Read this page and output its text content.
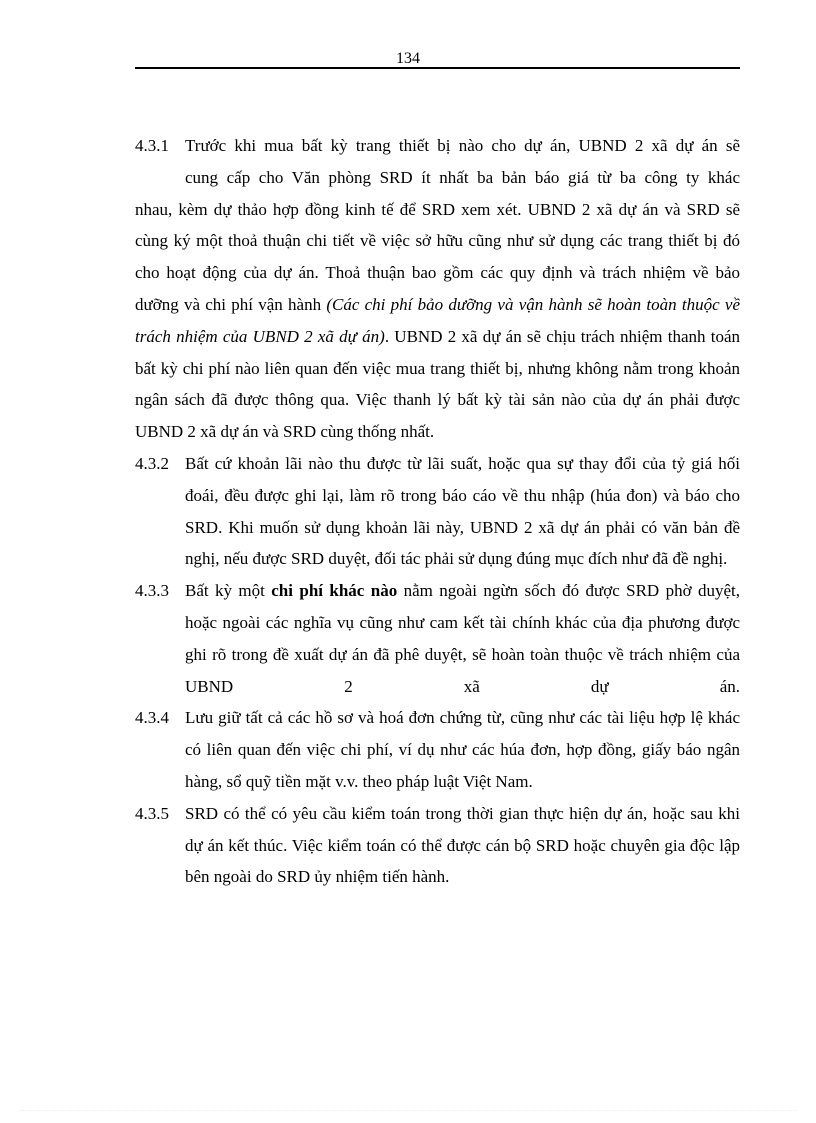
134
4.3.1 Trước khi mua bất kỳ trang thiết bị nào cho dự án, UBND 2 xã dự án sẽ
cung cấp cho Văn phòng SRD ít nhất ba bản báo giá từ ba công ty khác

nhau, kèm dự thảo hợp đồng kinh tế để SRD xem xét. UBND 2 xã dự án và SRD sẽ cùng ký một thoả thuận chi tiết về việc sở hữu cũng như sử dụng các trang thiết bị đó cho hoạt động của dự án. Thoả thuận bao gồm các quy định và trách nhiệm về bảo dưỡng và chi phí vận hành (Các chi phí bảo dưỡng và vận hành sẽ hoàn toàn thuộc về trách nhiệm của UBND 2 xã dự án). UBND 2 xã dự án sẽ chịu trách nhiệm thanh toán bất kỳ chi phí nào liên quan đến việc mua trang thiết bị, nhưng không nằm trong khoản ngân sách đã được thông qua. Việc thanh lý bất kỳ tài sản nào của dự án phải được UBND 2 xã dự án và SRD cùng thống nhất.

4.3.2 Bất cứ khoản lãi nào thu được từ lãi suất, hoặc qua sự thay đổi của tỷ giá hối đoái, đều được ghi lại, làm rõ trong báo cáo về thu nhập (húa đon) và báo cho SRD. Khi muốn sử dụng khoản lãi này, UBND 2 xã dự án phải có văn bản đề nghị, nếu được SRD duyệt, đối tác phải sử dụng đúng mục đích như đã đề nghị.

4.3.3 Bất kỳ một chi phí khác nào nằm ngoài ngừn sốch đó được SRD phờ duyệt, hoặc ngoài các nghĩa vụ cũng như cam kết tài chính khác của địa phương được ghi rõ trong đề xuất dự án đã phê duyệt, sẽ hoàn toàn thuộc về trách nhiệm của UBND 2 xã dự án.

4.3.4 Lưu giữ tất cả các hồ sơ và hoá đơn chứng từ, cũng như các tài liệu hợp lệ khác có liên quan đến việc chi phí, ví dụ như các húa đơn, hợp đồng, giấy báo ngân hàng, sổ quỹ tiền mặt v.v. theo pháp luật Việt Nam.

4.3.5 SRD có thể có yêu cầu kiểm toán trong thời gian thực hiện dự án, hoặc sau khi dự án kết thúc. Việc kiểm toán có thể được cán bộ SRD hoặc chuyên gia độc lập bên ngoài do SRD ủy nhiệm tiến hành.
